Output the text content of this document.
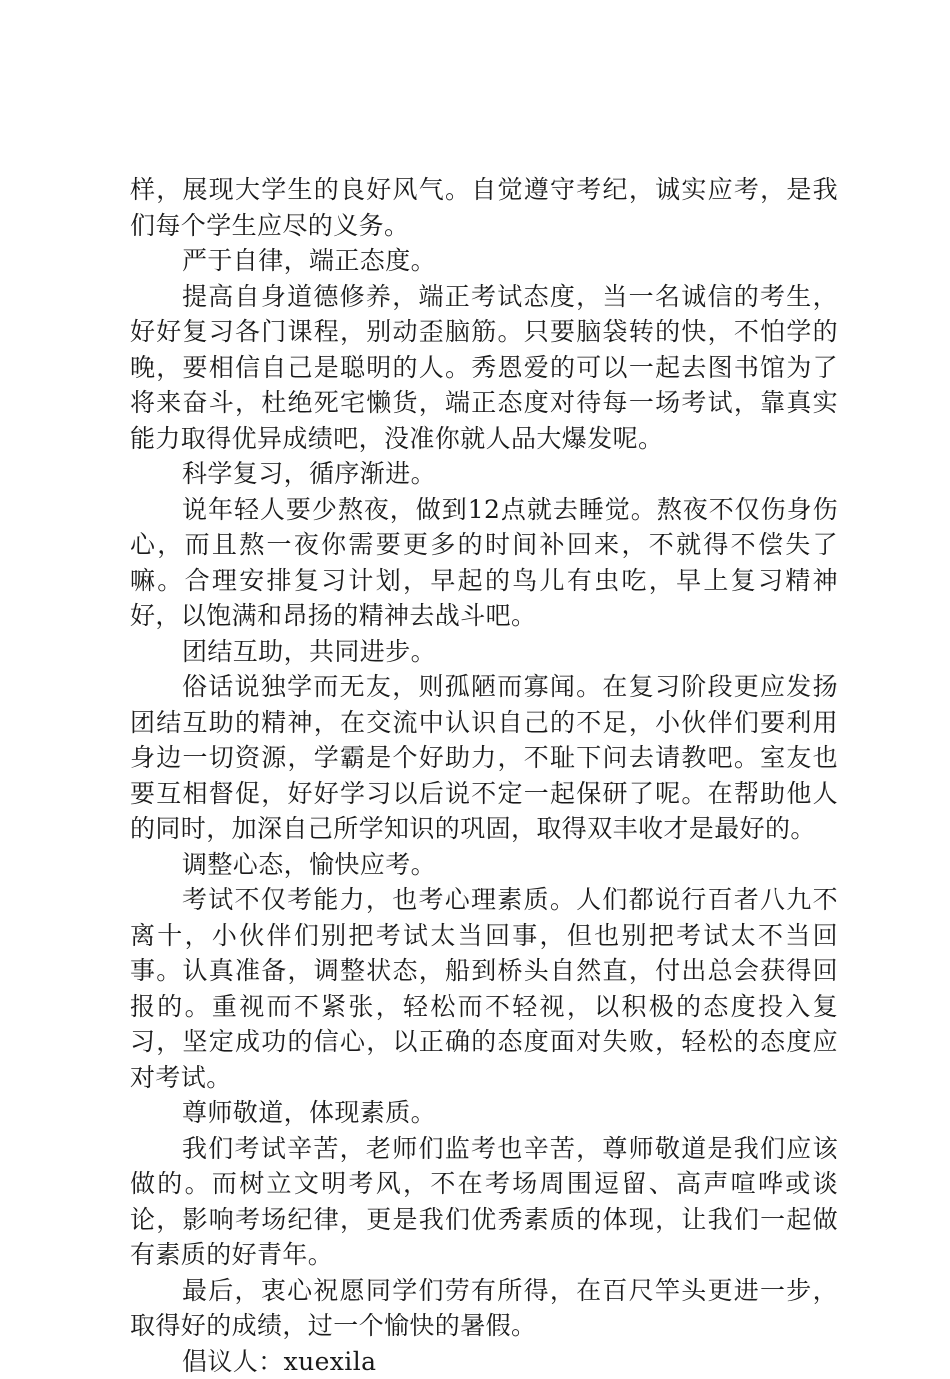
样，展现大学生的良好风气。自觉遵守考纪，诚实应考，是我们每个学生应尽的义务。

严于自律，端正态度。

提高自身道德修养，端正考试态度，当一名诚信的考生，好好复习各门课程，别动歪脑筋。只要脑袋转的快，不怕学的晚，要相信自己是聪明的人。秀恩爱的可以一起去图书馆为了将来奋斗，杜绝死宅懒货，端正态度对待每一场考试，靠真实能力取得优异成绩吧，没准你就人品大爆发呢。

科学复习，循序渐进。

说年轻人要少熬夜，做到12点就去睡觉。熬夜不仅伤身伤心，而且熬一夜你需要更多的时间补回来，不就得不偿失了嘛。合理安排复习计划，早起的鸟儿有虫吃，早上复习精神好，以饱满和昂扬的精神去战斗吧。

团结互助，共同进步。

俗话说独学而无友，则孤陋而寡闻。在复习阶段更应发扬团结互助的精神，在交流中认识自己的不足，小伙伴们要利用身边一切资源，学霸是个好助力，不耻下问去请教吧。室友也要互相督促，好好学习以后说不定一起保研了呢。在帮助他人的同时，加深自己所学知识的巩固，取得双丰收才是最好的。

调整心态，愉快应考。

考试不仅考能力，也考心理素质。人们都说行百者八九不离十，小伙伴们别把考试太当回事，但也别把考试太不当回事。认真准备，调整状态，船到桥头自然直，付出总会获得回报的。重视而不紧张，轻松而不轻视，以积极的态度投入复习，坚定成功的信心，以正确的态度面对失败，轻松的态度应对考试。

尊师敬道，体现素质。

我们考试辛苦，老师们监考也辛苦，尊师敬道是我们应该做的。而树立文明考风，不在考场周围逗留、高声喧哗或谈论，影响考场纪律，更是我们优秀素质的体现，让我们一起做有素质的好青年。

最后，衷心祝愿同学们劳有所得，在百尺竿头更进一步，取得好的成绩，过一个愉快的暑假。

倡议人：xuexila
